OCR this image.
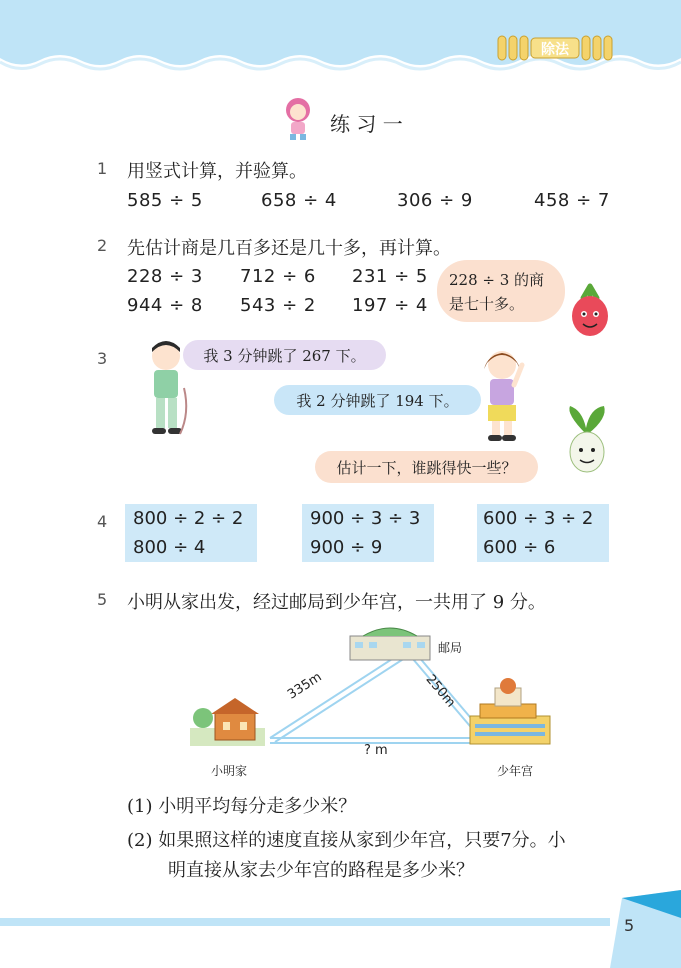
除法
练 习 一
1 用竖式计算，并验算。
585 ÷ 5	658 ÷ 4	306 ÷ 9	458 ÷ 7
2 先估计商是几百多还是几十多，再计算。
228 ÷ 3 712 ÷ 6 231 ÷ 5
944 ÷ 8 543 ÷ 2 197 ÷ 4
228 ÷ 3 的商
是七十多。
3	我 3 分钟跳了 267 下。
我 2 分钟跳了 194 下。
估计一下，谁跳得快一些？
4 800 ÷ 2 ÷ 2
800 ÷ 4
900 ÷ 3 ÷ 3
900 ÷ 9
600 ÷ 3 ÷ 2
600 ÷ 6
5 小明从家出发，经过邮局到少年宫，一共用了 9 分。
邮局
小明家	少年宫
335m	250m
? m
(1) 小明平均每分走多少米？
(2) 如果照这样的速度直接从家到少年宫，只要7分。小
明直接从家去少年宫的路程是多少米？
5
